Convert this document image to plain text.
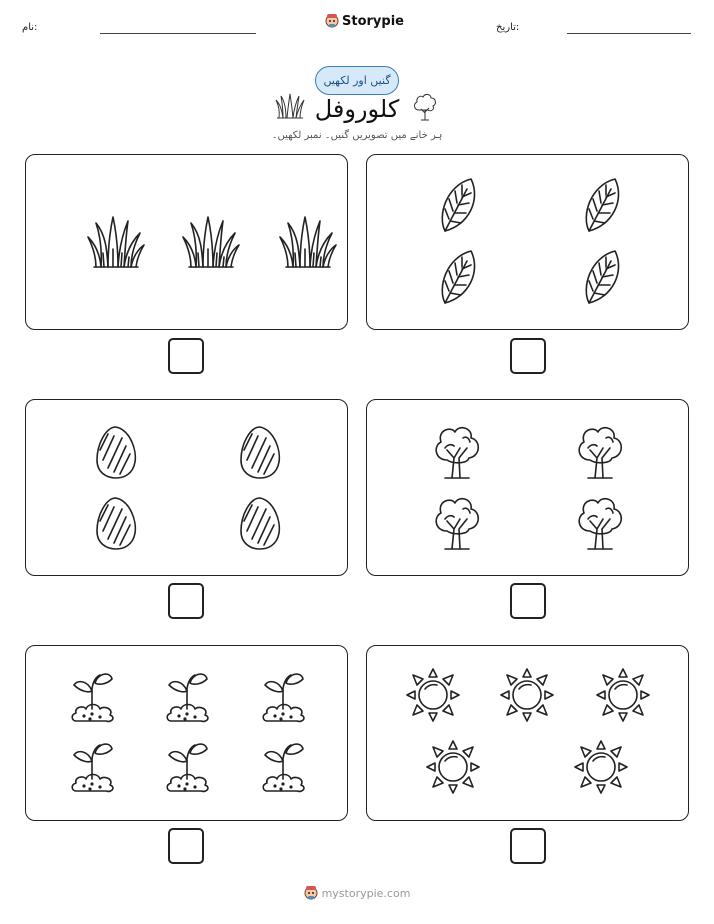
نام:	Storypie	تاریخ:
گنیں اور لکھیں
کلوروفل
ہر خانے میں تصویریں گنیں۔ نمبر لکھیں۔
mystorypie.com
